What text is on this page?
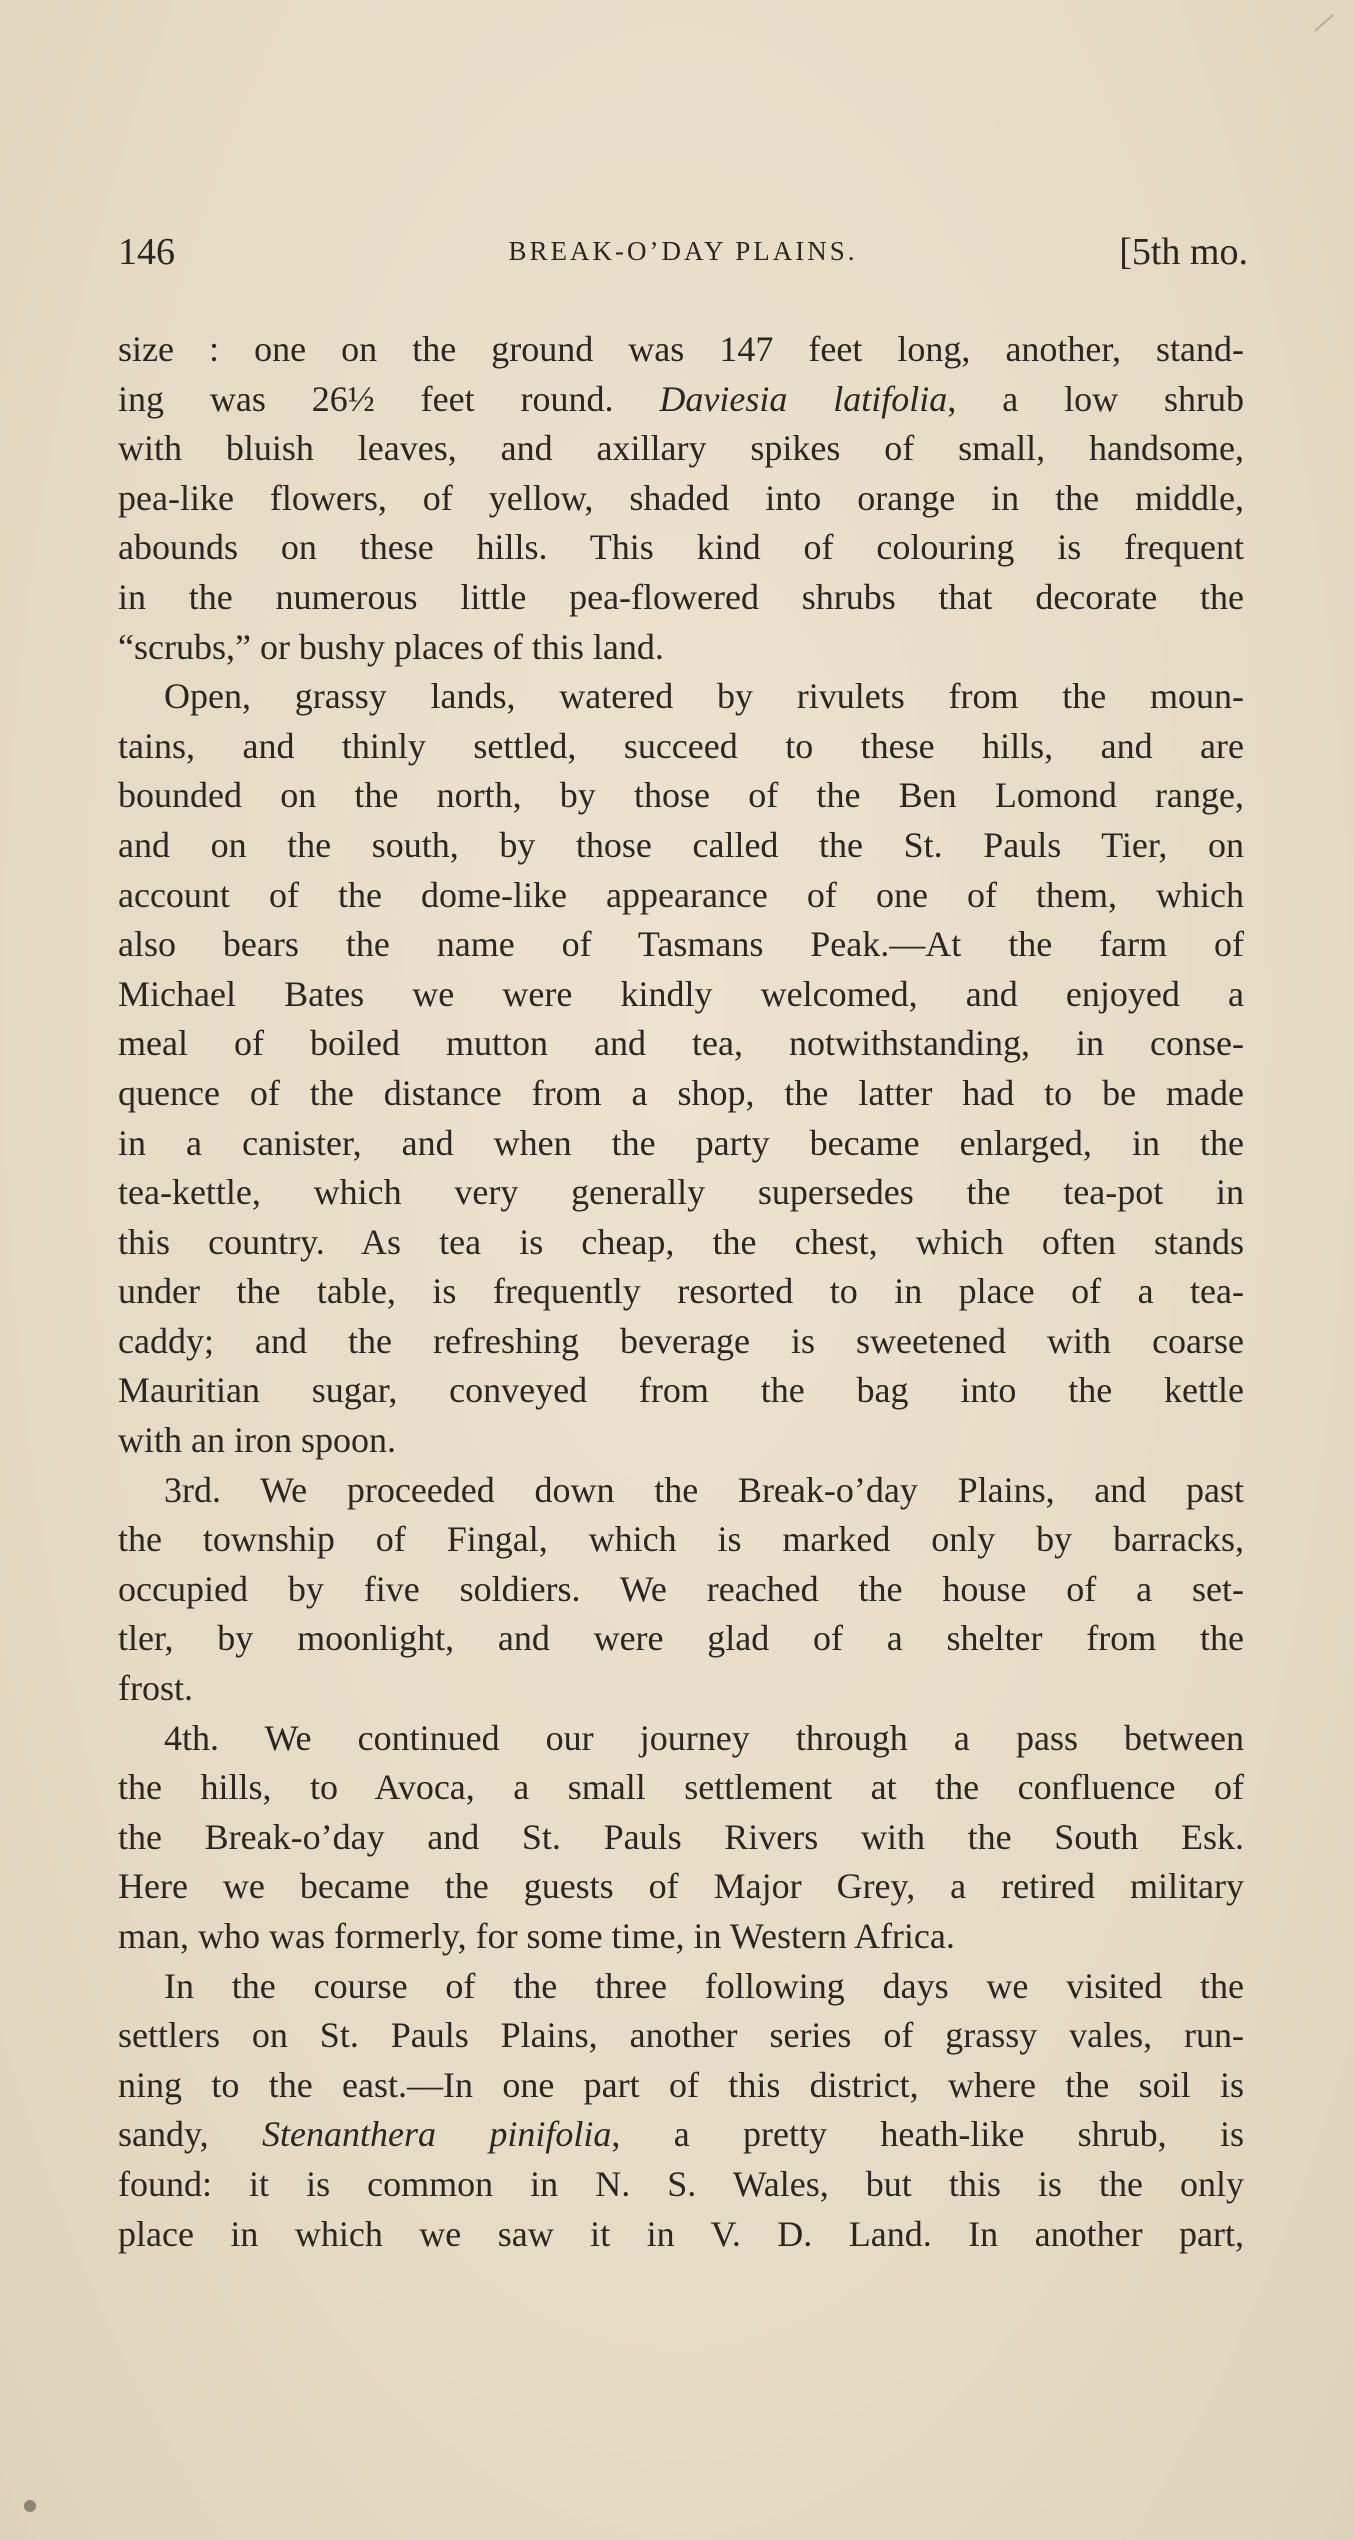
146	BREAK-O’DAY PLAINS.	[5th mo.
size : one on the ground was 147 feet long, another, stand-
ing was 26½ feet round. Daviesia latifolia, a low shrub
with bluish leaves, and axillary spikes of small, handsome,
pea-like flowers, of yellow, shaded into orange in the middle,
abounds on these hills. This kind of colouring is frequent
in the numerous little pea-flowered shrubs that decorate the
“scrubs,” or bushy places of this land.
Open, grassy lands, watered by rivulets from the moun-
tains, and thinly settled, succeed to these hills, and are
bounded on the north, by those of the Ben Lomond range,
and on the south, by those called the St. Pauls Tier, on
account of the dome-like appearance of one of them, which
also bears the name of Tasmans Peak.—At the farm of
Michael Bates we were kindly welcomed, and enjoyed a
meal of boiled mutton and tea, notwithstanding, in conse-
quence of the distance from a shop, the latter had to be made
in a canister, and when the party became enlarged, in the
tea-kettle, which very generally supersedes the tea-pot in
this country. As tea is cheap, the chest, which often stands
under the table, is frequently resorted to in place of a tea-
caddy; and the refreshing beverage is sweetened with coarse
Mauritian sugar, conveyed from the bag into the kettle
with an iron spoon.
3rd. We proceeded down the Break-o’day Plains, and past
the township of Fingal, which is marked only by barracks,
occupied by five soldiers. We reached the house of a set-
tler, by moonlight, and were glad of a shelter from the
frost.
4th. We continued our journey through a pass between
the hills, to Avoca, a small settlement at the confluence of
the Break-o’day and St. Pauls Rivers with the South Esk.
Here we became the guests of Major Grey, a retired military
man, who was formerly, for some time, in Western Africa.
In the course of the three following days we visited the
settlers on St. Pauls Plains, another series of grassy vales, run-
ning to the east.—In one part of this district, where the soil is
sandy, Stenanthera pinifolia, a pretty heath-like shrub, is
found: it is common in N. S. Wales, but this is the only
place in which we saw it in V. D. Land. In another part,
